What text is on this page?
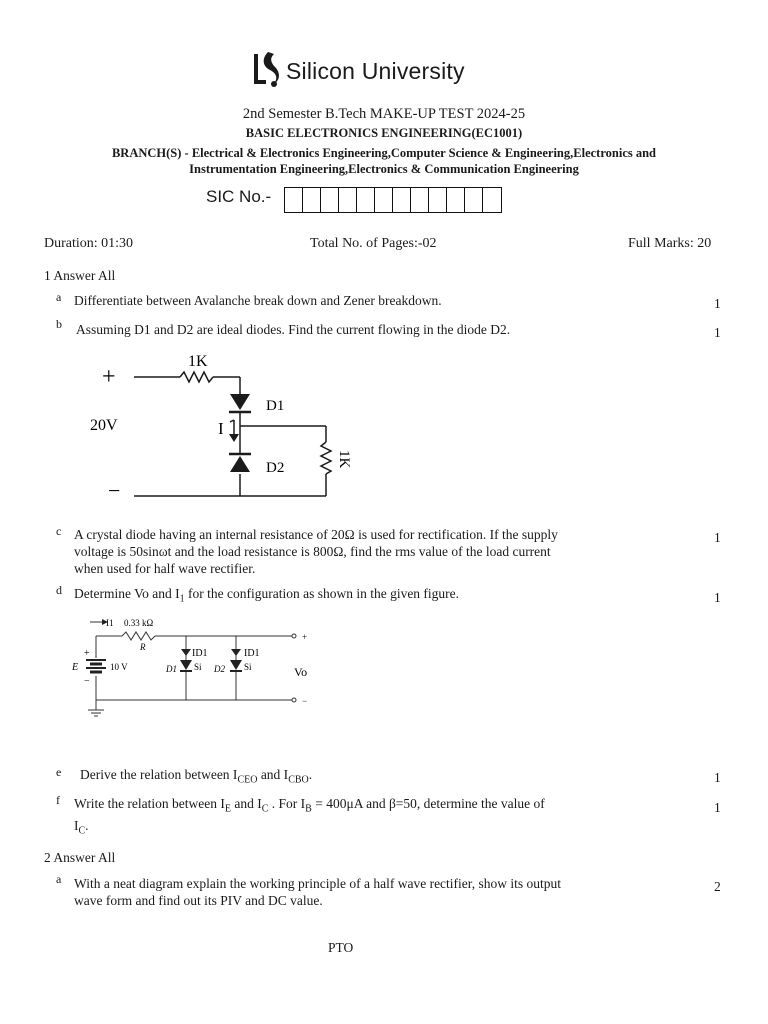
Silicon University
2nd Semester B.Tech MAKE-UP TEST 2024-25
BASIC ELECTRONICS ENGINEERING(EC1001)
BRANCH(S) - Electrical & Electronics Engineering,Computer Science & Engineering,Electronics and
Instrumentation Engineering,Electronics & Communication Engineering
SIC No.-
Duration: 01:30	Total No. of Pages:-02	Full Marks: 20
1 Answer All
a Differentiate between Avalanche break down and Zener breakdown.	1
b Assuming D1 and D2 are ideal diodes. Find the current flowing in the diode D2.	1
+
20V
−
1K
I
D1
D2	1K
c A crystal diode having an internal resistance of 20Ω is used for rectification. If the supply
voltage is 50sinωt and the load resistance is 800Ω, find the rms value of the load current
when used for half wave rectifier.
1
d Determine Vo and $I_1$ for the configuration as shown in the given figure.	1
I1 0.33 kΩ
R
+
E	10 V
−
ID1	ID1
D1 Si D2 Si	Vo
+
−
e Derive the relation between $I_{CEO}$ and $I_{CBO}$.	1
f Write the relation between $I_E$ and $I_C$ . For $I_B = 400\mu A$ and β=50, determine the value of
$I_C$.
1
2 Answer All
a With a neat diagram explain the working principle of a half wave rectifier, show its output
wave form and find out its PIV and DC value.
2
PTO
